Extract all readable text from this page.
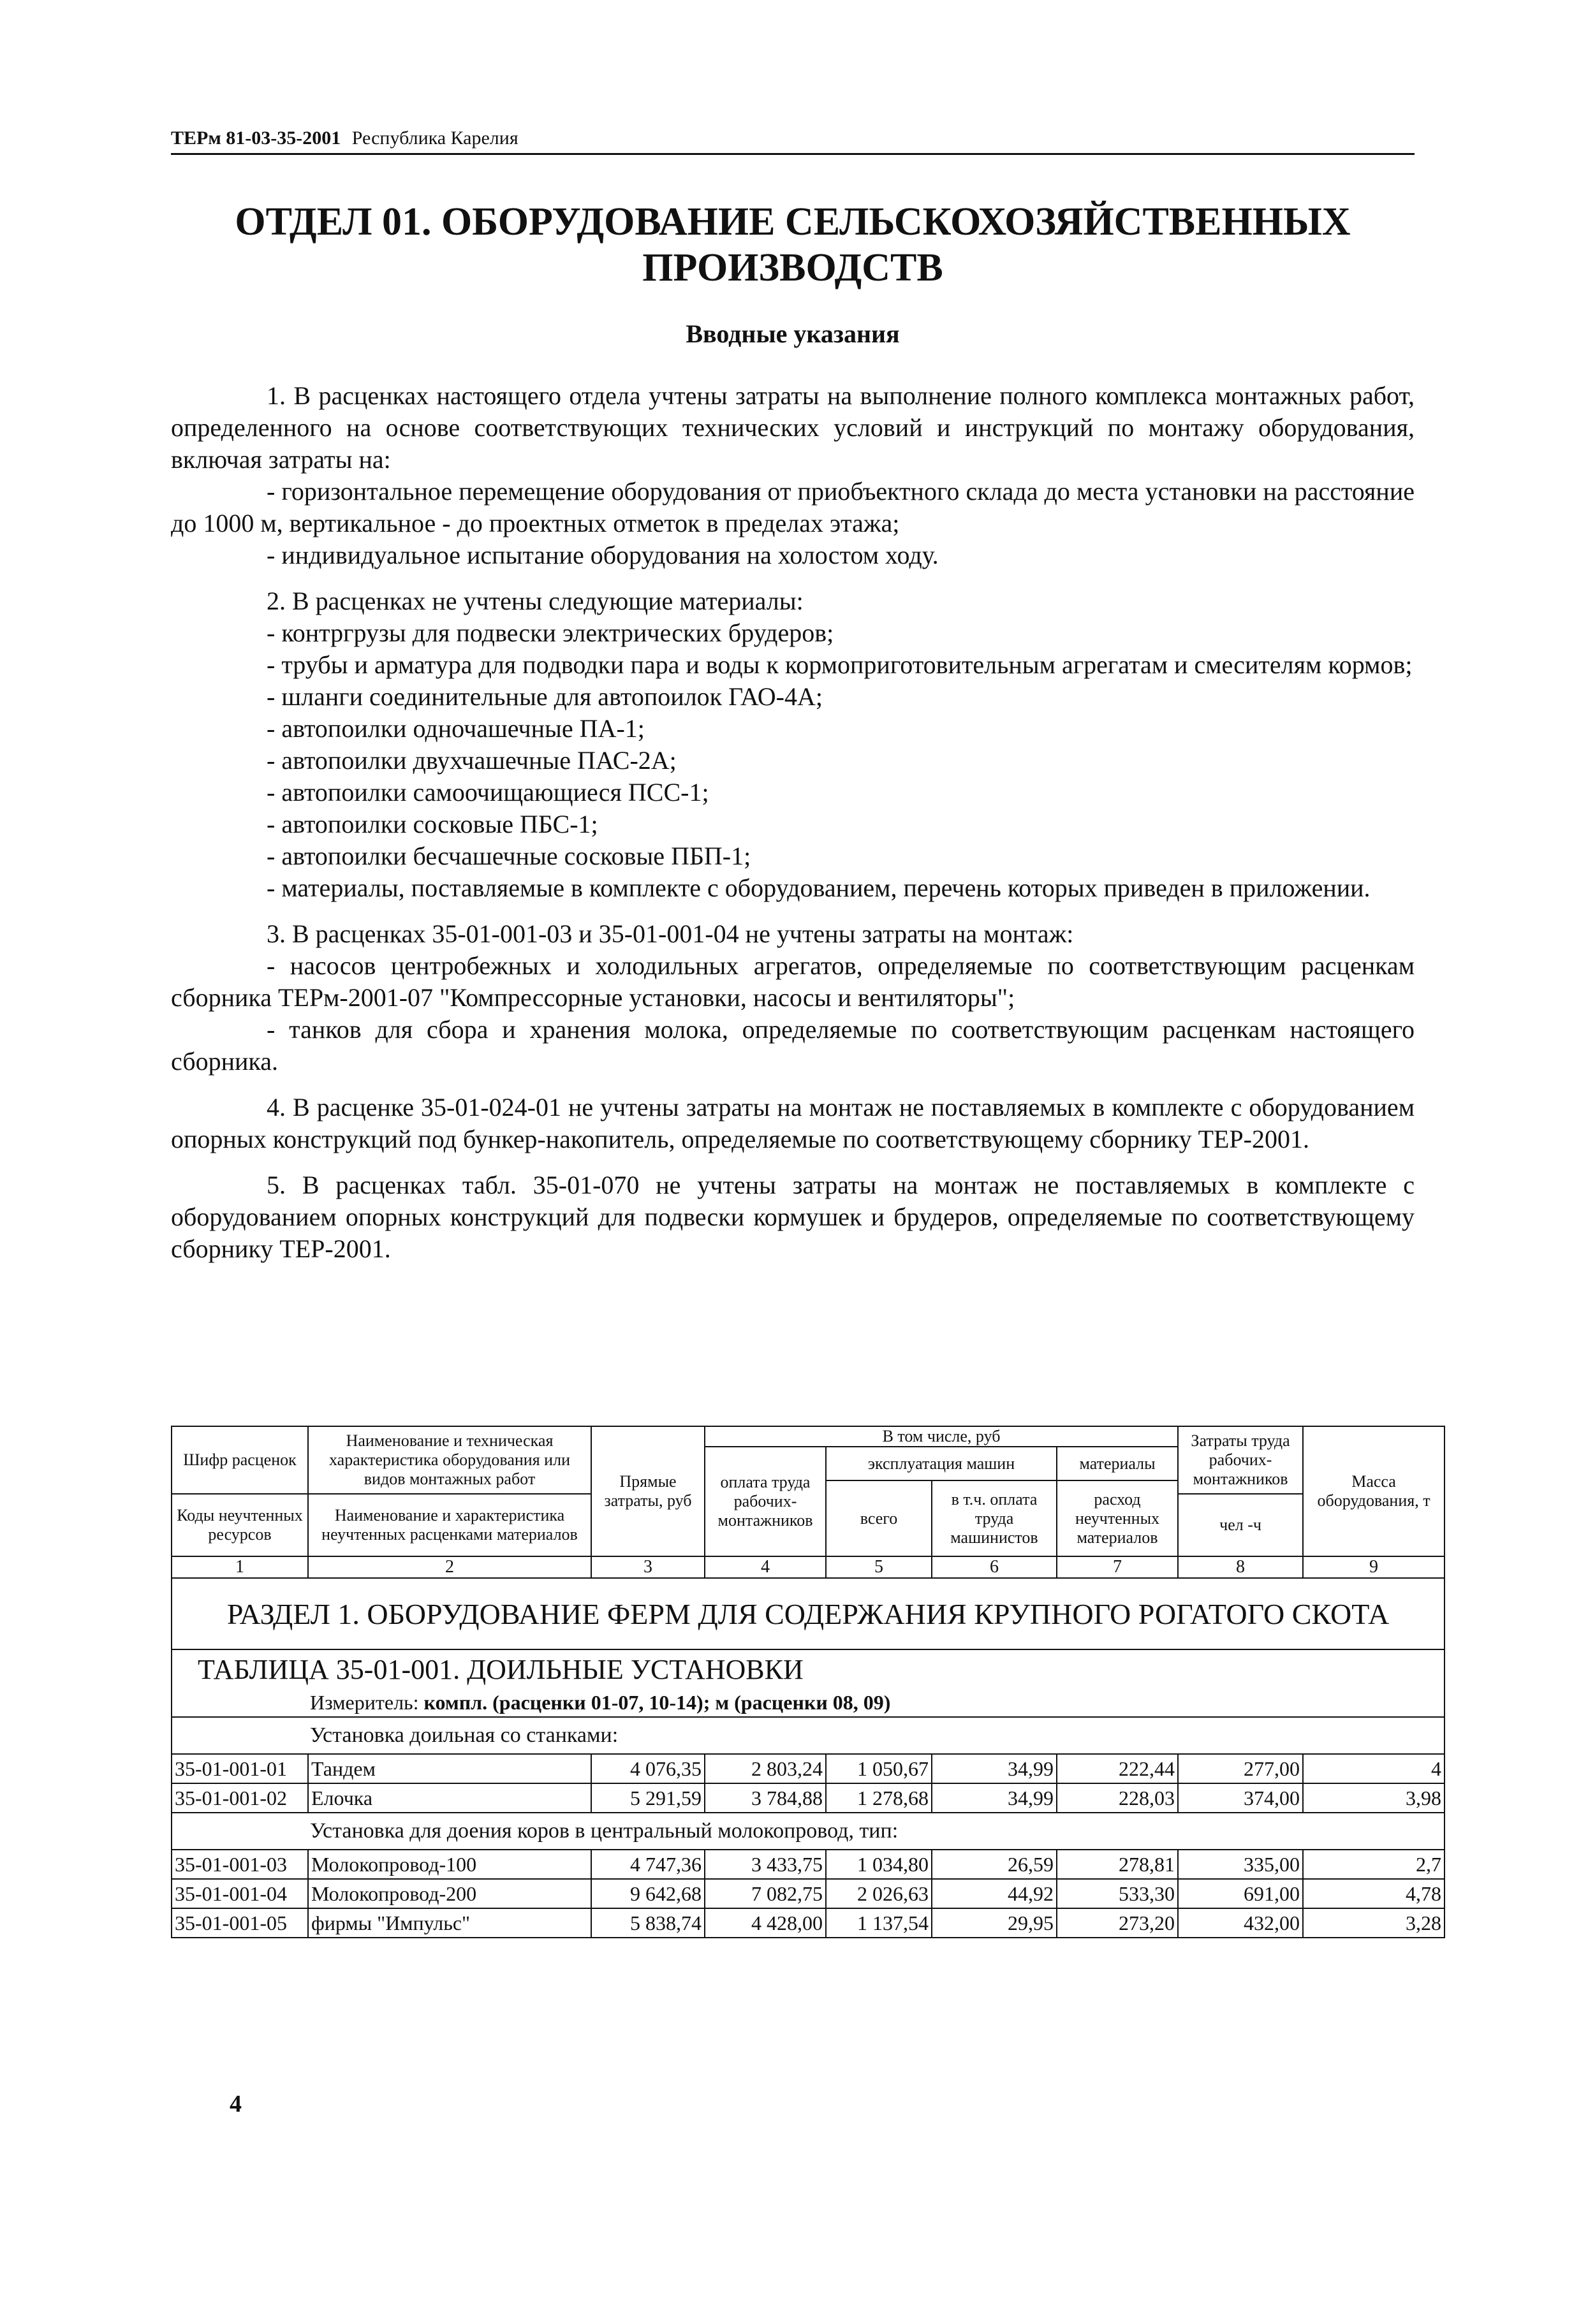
ТЕРм 81-03-35-2001 Республика Карелия
ОТДЕЛ 01. ОБОРУДОВАНИЕ СЕЛЬСКОХОЗЯЙСТВЕННЫХ
ПРОИЗВОДСТВ
Вводные указания

1. В расценках настоящего отдела учтены затраты на выполнение полного комплекса монтажных работ, определенного на основе соответствующих технических условий и инструкций по монтажу оборудования, включая затраты на:

- горизонтальное перемещение оборудования от приобъектного склада до места установки на расстояние до 1000 м, вертикальное - до проектных отметок в пределах этажа;

- индивидуальное испытание оборудования на холостом ходу.

2. В расценках не учтены следующие материалы:

- контргрузы для подвески электрических брудеров;

- трубы и арматура для подводки пара и воды к кормоприготовительным агрегатам и смесителям кормов;

- шланги соединительные для автопоилок ГАО-4А;

- автопоилки одночашечные ПА-1;

- автопоилки двухчашечные ПАС-2А;

- автопоилки самоочищающиеся ПСС-1;

- автопоилки сосковые ПБС-1;

- автопоилки бесчашечные сосковые ПБП-1;

- материалы, поставляемые в комплекте с оборудованием, перечень которых приведен в приложении.

3. В расценках 35-01-001-03 и 35-01-001-04 не учтены затраты на монтаж:

- насосов центробежных и холодильных агрегатов, определяемые по соответствующим расценкам сборника ТЕРм-2001-07 "Компрессорные установки, насосы и вентиляторы";

- танков для сбора и хранения молока, определяемые по соответствующим расценкам настоящего сборника.

4. В расценке 35-01-024-01 не учтены затраты на монтаж не поставляемых в комплекте с оборудованием опорных конструкций под бункер-накопитель, определяемые по соответствующему сборнику ТЕР-2001.

5. В расценках табл. 35-01-070 не учтены затраты на монтаж не поставляемых в комплекте с оборудованием опорных конструкций для подвески кормушек и брудеров, определяемые по соответствующему сборнику ТЕР-2001.

Шифр расценок	Наименование и техническая характеристика оборудования или видов монтажных работ	Прямые затраты, руб	В том числе, руб				Затраты труда рабочих-монтажников	Масса оборудования, т
			оплата труда рабочих-монтажников	эксплуатация машин		материалы		
				всего	в т.ч. оплата труда машинистов	расход неучтенных материалов		
Коды неучтенных ресурсов	Наименование и характеристика неучтенных расценками материалов							

							чел -ч	
1	2	3	4	5	6	7	8	9
РАЗДЕЛ 1. ОБОРУДОВАНИЕ ФЕРМ ДЛЯ СОДЕРЖАНИЯ КРУПНОГО РОГАТОГО СКОТА								
ТАБЛИЦА 35-01-001. ДОИЛЬНЫЕ УСТАНОВКИ								
Измеритель: компл. (расценки 01-07, 10-14); м (расценки 08, 09)								
Установка доильная со станками:								
35-01-001-01	Тандем	4 076,35	2 803,24	1 050,67	34,99	222,44	277,00	4
35-01-001-02	Елочка	5 291,59	3 784,88	1 278,68	34,99	228,03	374,00	3,98
Установка для доения коров в центральный молокопровод, тип:								
35-01-001-03	Молокопровод-100	4 747,36	3 433,75	1 034,80	26,59	278,81	335,00	2,7
35-01-001-04	Молокопровод-200	9 642,68	7 082,75	2 026,63	44,92	533,30	691,00	4,78
35-01-001-05	фирмы "Импульс"	5 838,74	4 428,00	1 137,54	29,95	273,20	432,00	3,28
4
